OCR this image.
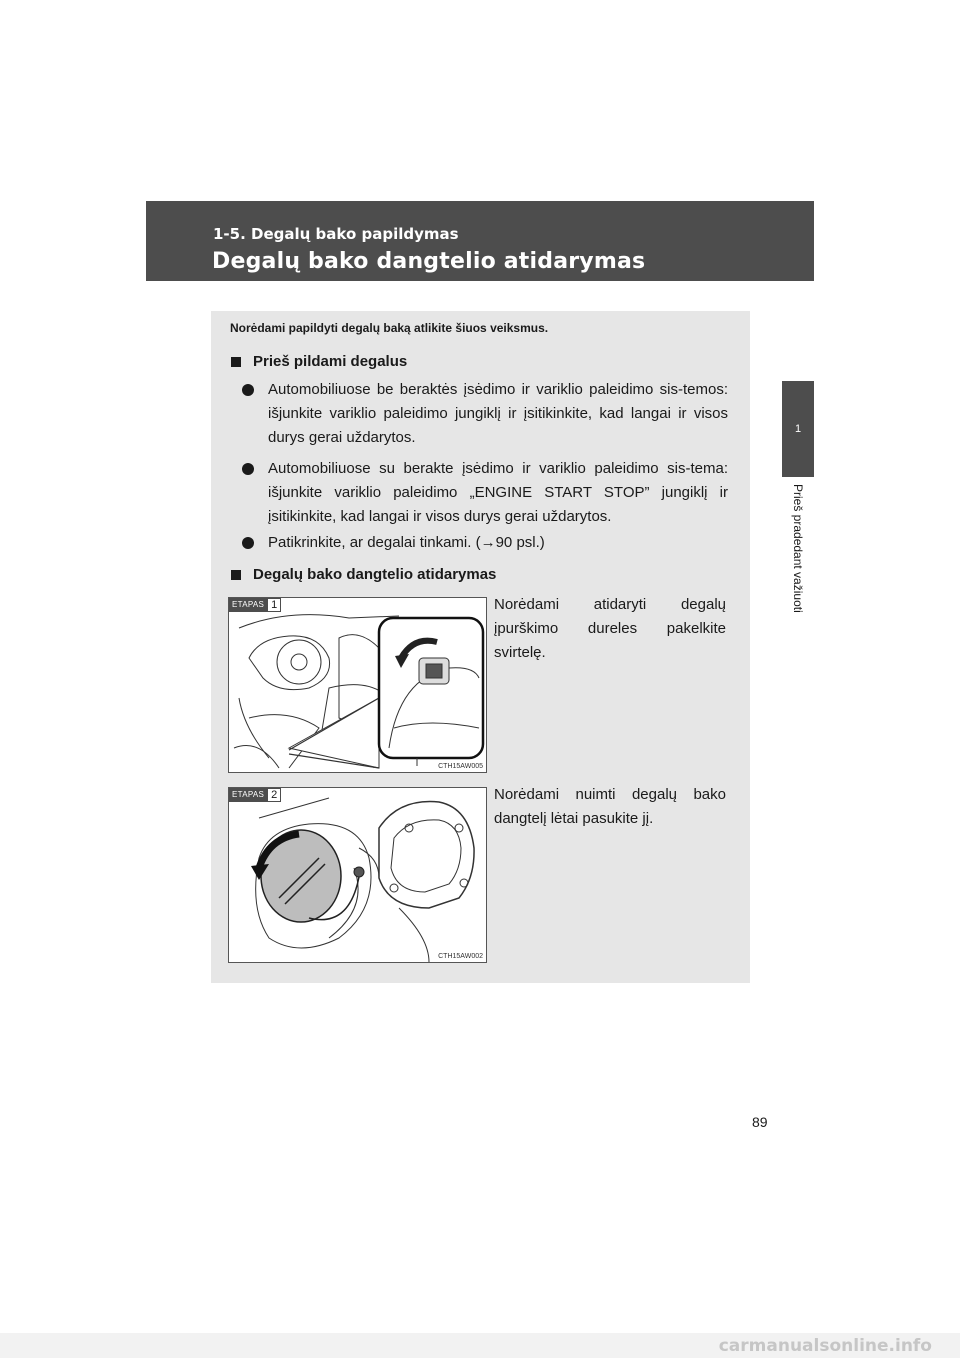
1-5. Degalų bako papildymas
Degalų bako dangtelio atidarymas
1
Prieš pradedant važiuoti
Norėdami papildyti degalų baką atlikite šiuos veiksmus.
Prieš pildami degalus
Automobiliuose be beraktės įsėdimo ir variklio paleidimo sis-temos: išjunkite variklio paleidimo jungiklį ir įsitikinkite, kad langai ir visos durys gerai uždarytos.
Automobiliuose su berakte įsėdimo ir variklio paleidimo sis-tema: išjunkite variklio paleidimo „ENGINE START STOP” jungiklį ir įsitikinkite, kad langai ir visos durys gerai uždarytos.
Patikrinkite, ar degalai tinkami. (→90 psl.)
Degalų bako dangtelio atidarymas
ETAPAS 1
CTH15AW005
Norėdami atidaryti degalų įpurškimo dureles pakelkite svirtelę.
ETAPAS 2
CTH15AW002
Norėdami nuimti degalų bako dangtelį lėtai pasukite jį.
89
carmanualsonline.info
